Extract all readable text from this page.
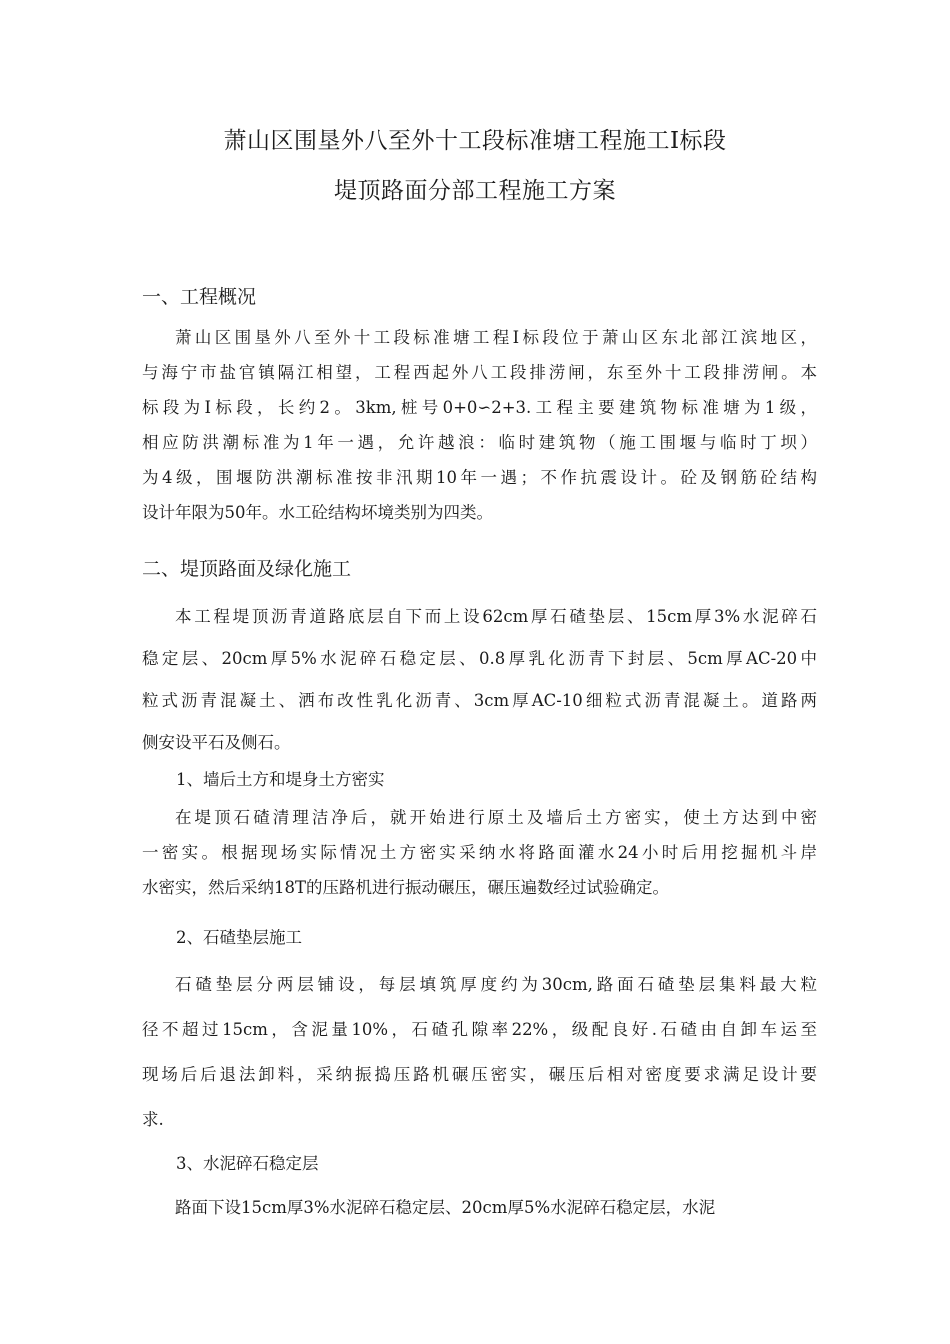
萧山区围垦外八至外十工段标准塘工程施工Ⅰ标段
堤顶路面分部工程施工方案
一、工程概况
萧山区围垦外八至外十工段标准塘工程Ⅰ标段位于萧山区东北部江滨地区，
与海宁市盐官镇隔江相望，工程西起外八工段排涝闸，东至外十工段排涝闸。本
标段为Ⅰ标段，长约2。3km,桩号0+0∽2+3.工程主要建筑物标准塘为1级，
相应防洪潮标准为1年一遇，允许越浪：临时建筑物（施工围堰与临时丁坝）
为4级，围堰防洪潮标准按非汛期10年一遇；不作抗震设计。砼及钢筋砼结构
设计年限为50年。水工砼结构坏境类别为四类。
二、堤顶路面及绿化施工
本工程堤顶沥青道路底层自下而上设62cm厚石碴垫层、15cm厚3%水泥碎石
稳定层、20cm厚5%水泥碎石稳定层、0.8厚乳化沥青下封层、5cm厚AC-20中
粒式沥青混凝土、洒布改性乳化沥青、3cm厚AC-10细粒式沥青混凝土。道路两
侧安设平石及侧石。
1、墙后土方和堤身土方密实
在堤顶石碴清理洁净后，就开始进行原土及墙后土方密实，使土方达到中密
一密实。根据现场实际情况土方密实采纳水将路面灌水24小时后用挖掘机斗岸
水密实，然后采纳18T的压路机进行振动碾压，碾压遍数经过试验确定。
2、石碴垫层施工
石碴垫层分两层铺设，每层填筑厚度约为30cm,路面石碴垫层集料最大粒
径不超过15cm，含泥量10%，石碴孔隙率22%，级配良好.石碴由自卸车运至
现场后后退法卸料，采纳振捣压路机碾压密实，碾压后相对密度要求满足设计要
求.
3、水泥碎石稳定层
路面下设15cm厚3%水泥碎石稳定层、20cm厚5%水泥碎石稳定层，水泥
